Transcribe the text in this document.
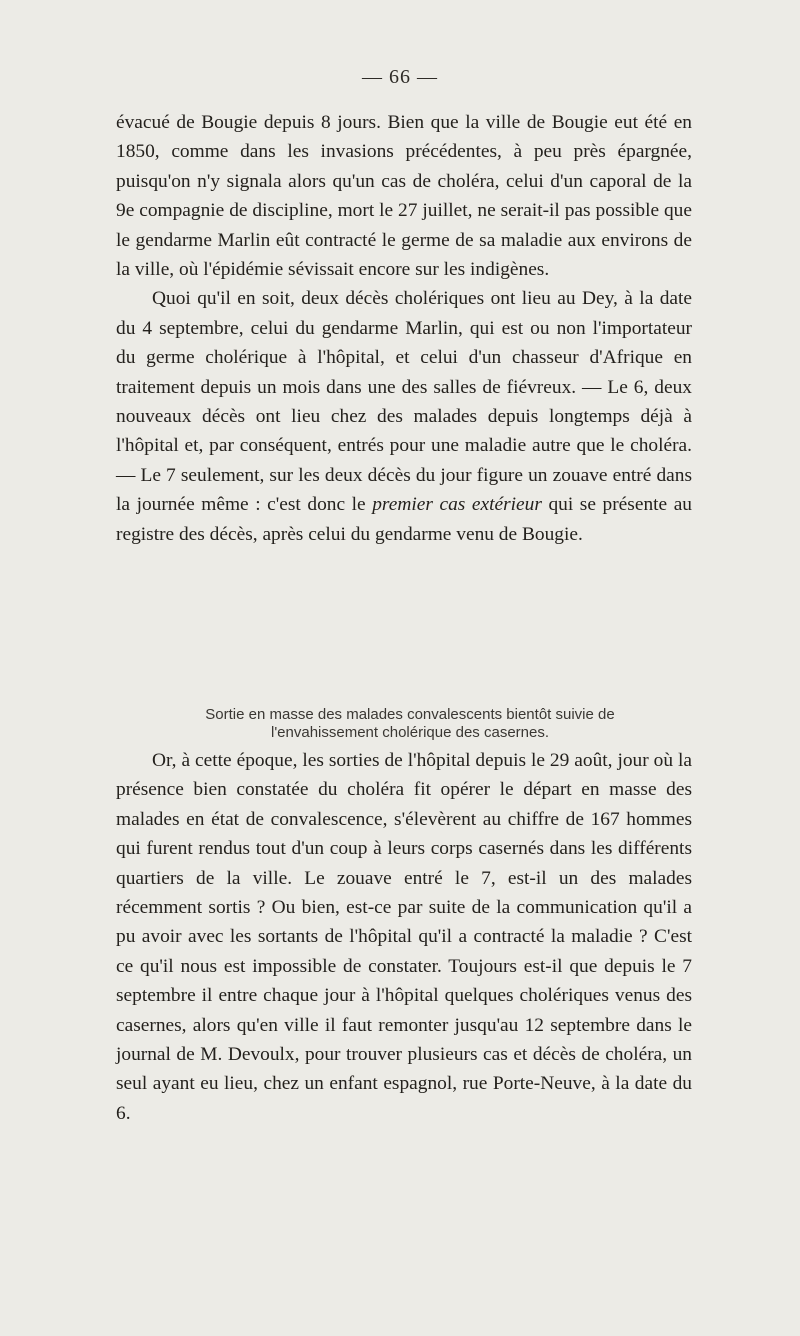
— 66 —

évacué de Bougie depuis 8 jours. Bien que la ville de Bougie eut été en 1850, comme dans les invasions précédentes, à peu près épargnée, puisqu'on n'y signala alors qu'un cas de choléra, celui d'un caporal de la 9e compagnie de discipline, mort le 27 juillet, ne serait-il pas possible que le gendarme Marlin eût contracté le germe de sa maladie aux environs de la ville, où l'épidémie sévissait encore sur les indigènes.

Quoi qu'il en soit, deux décès cholériques ont lieu au Dey, à la date du 4 septembre, celui du gendarme Marlin, qui est ou non l'importateur du germe cholérique à l'hôpital, et celui d'un chasseur d'Afrique en traitement depuis un mois dans une des salles de fiévreux. — Le 6, deux nouveaux décès ont lieu chez des malades depuis longtemps déjà à l'hôpital et, par conséquent, entrés pour une maladie autre que le choléra. — Le 7 seulement, sur les deux décès du jour figure un zouave entré dans la journée même : c'est donc le premier cas extérieur qui se présente au registre des décès, après celui du gendarme venu de Bougie.

Sortie en masse des malades convalescents bientôt suivie de
l'envahissement cholérique des casernes.

Or, à cette époque, les sorties de l'hôpital depuis le 29 août, jour où la présence bien constatée du choléra fit opérer le départ en masse des malades en état de convalescence, s'élevèrent au chiffre de 167 hommes qui furent rendus tout d'un coup à leurs corps casernés dans les différents quartiers de la ville. Le zouave entré le 7, est-il un des malades récemment sortis ? Ou bien, est-ce par suite de la communication qu'il a pu avoir avec les sortants de l'hôpital qu'il a contracté la maladie ? C'est ce qu'il nous est impossible de constater. Toujours est-il que depuis le 7 septembre il entre chaque jour à l'hôpital quelques cholériques venus des casernes, alors qu'en ville il faut remonter jusqu'au 12 septembre dans le journal de M. Devoulx, pour trouver plusieurs cas et décès de choléra, un seul ayant eu lieu, chez un enfant espagnol, rue Porte-Neuve, à la date du 6.
